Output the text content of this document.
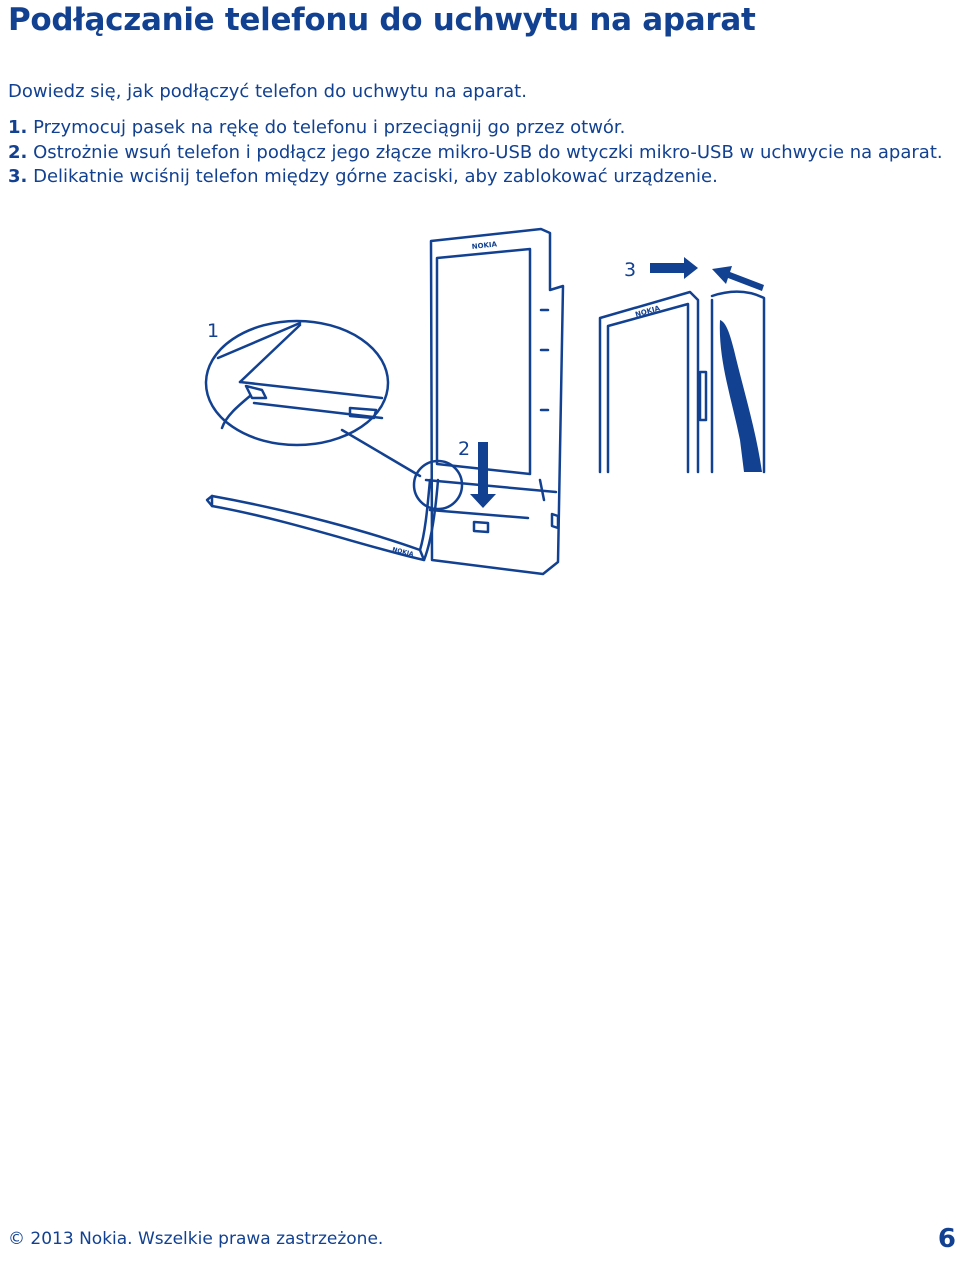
Podłączanie telefonu do uchwytu na aparat

Dowiedz się, jak podłączyć telefon do uchwytu na aparat.

1. Przymocuj pasek na rękę do telefonu i przeciągnij go przez otwór.
2. Ostrożnie wsuń telefon i podłącz jego złącze mikro-USB do wtyczki mikro-USB w uchwycie na aparat.
3. Delikatnie wciśnij telefon między górne zaciski, aby zablokować urządzenie.
NOKIA
NOKIA
NOKIA
1
2
3
© 2013 Nokia. Wszelkie prawa zastrzeżone.	6
